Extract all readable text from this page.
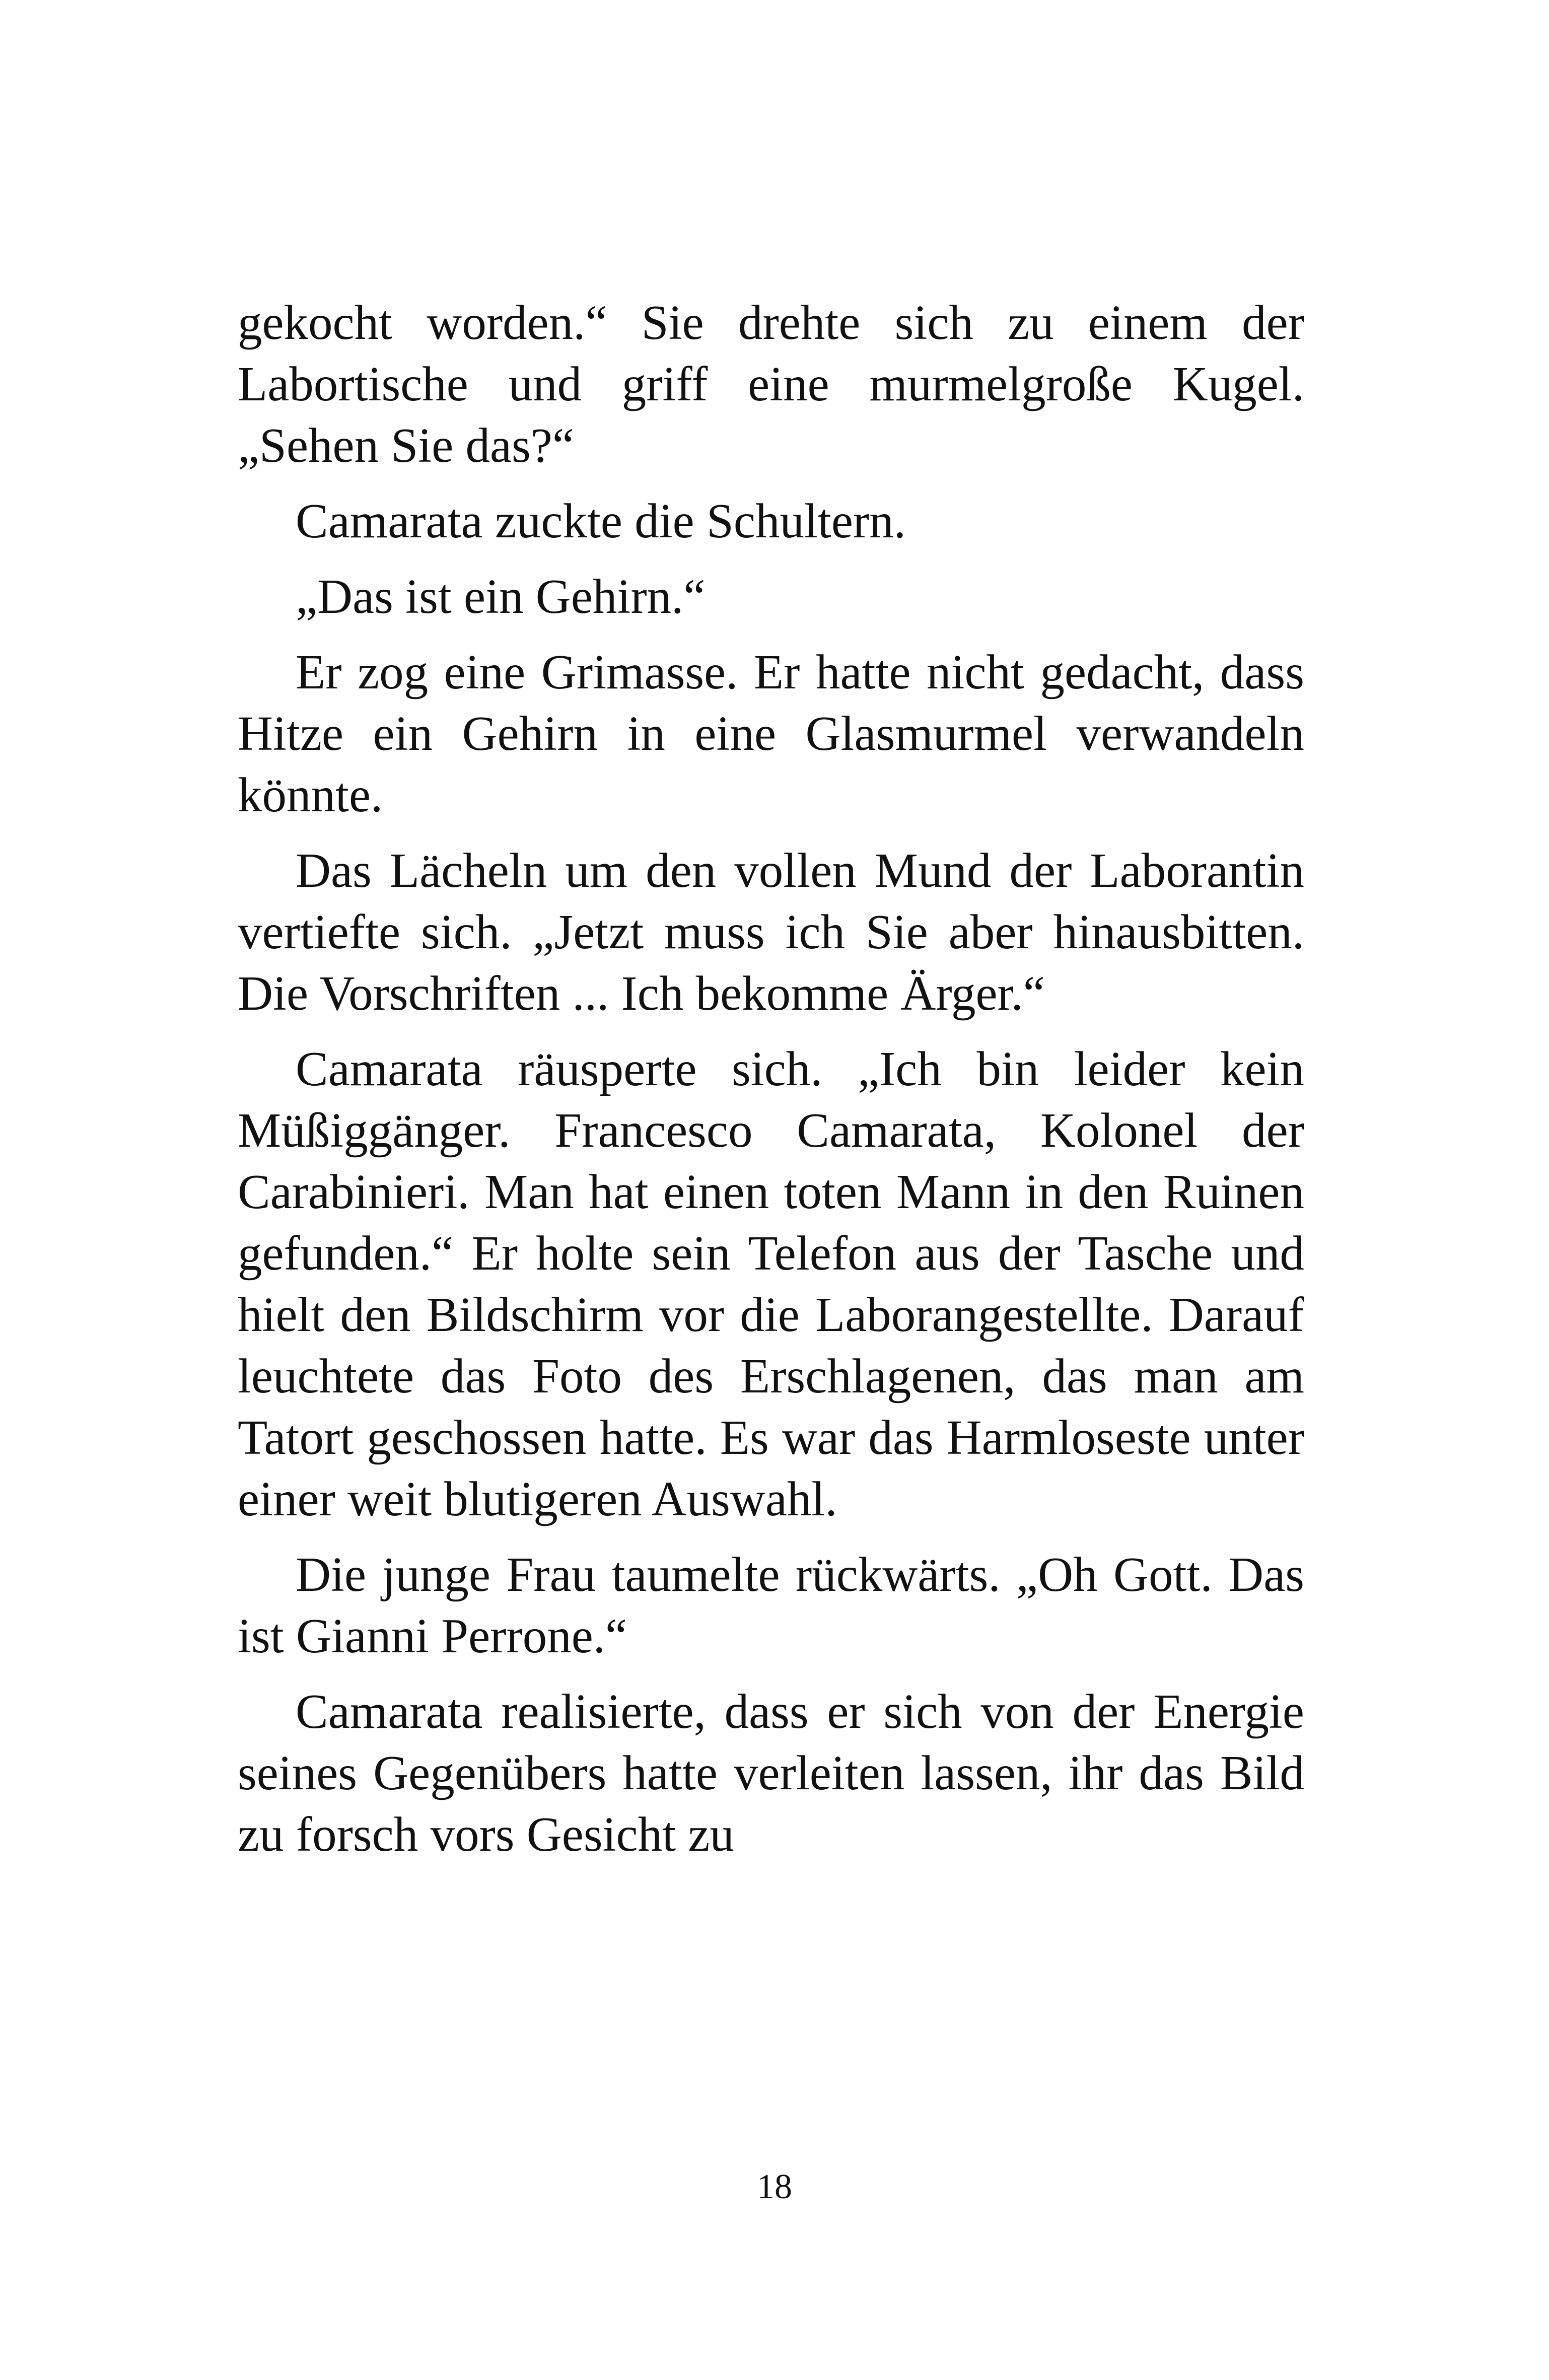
gekocht worden.“ Sie drehte sich zu einem der Labortische und griff eine murmelgroße Kugel. „Sehen Sie das?“

Camarata zuckte die Schultern.

„Das ist ein Gehirn.“

Er zog eine Grimasse. Er hatte nicht gedacht, dass Hitze ein Gehirn in eine Glasmurmel verwandeln könnte.

Das Lächeln um den vollen Mund der Laborantin vertiefte sich. „Jetzt muss ich Sie aber hinausbitten. Die Vorschriften ... Ich bekomme Ärger.“

Camarata räusperte sich. „Ich bin leider kein Müßiggänger. Francesco Camarata, Kolonel der Carabinieri. Man hat einen toten Mann in den Ruinen gefunden.“ Er holte sein Telefon aus der Tasche und hielt den Bildschirm vor die Laborangestellte. Darauf leuchtete das Foto des Erschlagenen, das man am Tatort geschossen hatte. Es war das Harmloseste unter einer weit blutigeren Auswahl.

Die junge Frau taumelte rückwärts. „Oh Gott. Das ist Gianni Perrone.“

Camarata realisierte, dass er sich von der Energie seines Gegenübers hatte verleiten lassen, ihr das Bild zu forsch vors Gesicht zu

18
